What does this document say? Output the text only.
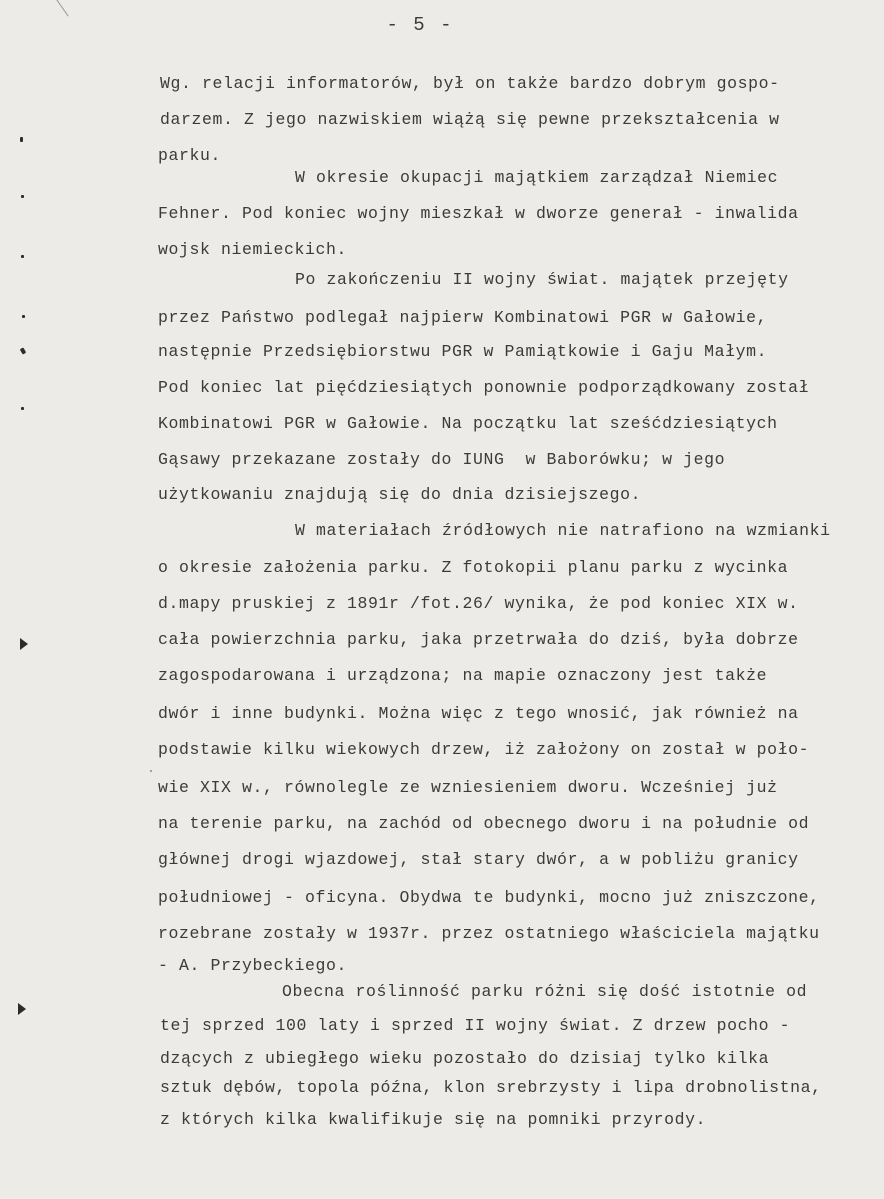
- 5 -
Wg. relacji informatorów, był on także bardzo dobrym gospo-
darzem. Z jego nazwiskiem wiążą się pewne przekształcenia w
parku.
W okresie okupacji majątkiem zarządzał Niemiec
Fehner. Pod koniec wojny mieszkał w dworze generał - inwalida
wojsk niemieckich.
Po zakończeniu II wojny świat. majątek przejęty
przez Państwo podlegał najpierw Kombinatowi PGR w Gałowie,
następnie Przedsiębiorstwu PGR w Pamiątkowie i Gaju Małym.
Pod koniec lat pięćdziesiątych ponownie podporządkowany został
Kombinatowi PGR w Gałowie. Na początku lat sześćdziesiątych
Gąsawy przekazane zostały do IUNG  w Baborówku; w jego
użytkowaniu znajdują się do dnia dzisiejszego.
W materiałach źródłowych nie natrafiono na wzmianki
o okresie założenia parku. Z fotokopii planu parku z wycinka
d.mapy pruskiej z 1891r /fot.26/ wynika, że pod koniec XIX w.
cała powierzchnia parku, jaka przetrwała do dziś, była dobrze
zagospodarowana i urządzona; na mapie oznaczony jest także
dwór i inne budynki. Można więc z tego wnosić, jak również na
podstawie kilku wiekowych drzew, iż założony on został w poło-
wie XIX w., równolegle ze wzniesieniem dworu. Wcześniej już
na terenie parku, na zachód od obecnego dworu i na południe od
głównej drogi wjazdowej, stał stary dwór, a w pobliżu granicy
południowej - oficyna. Obydwa te budynki, mocno już zniszczone,
rozebrane zostały w 1937r. przez ostatniego właściciela majątku
- A. Przybeckiego.
Obecna roślinność parku różni się dość istotnie od
tej sprzed 100 laty i sprzed II wojny świat. Z drzew pocho -
dzących z ubiegłego wieku pozostało do dzisiaj tylko kilka
sztuk dębów, topola późna, klon srebrzysty i lipa drobnolistna,
z których kilka kwalifikuje się na pomniki przyrody.
